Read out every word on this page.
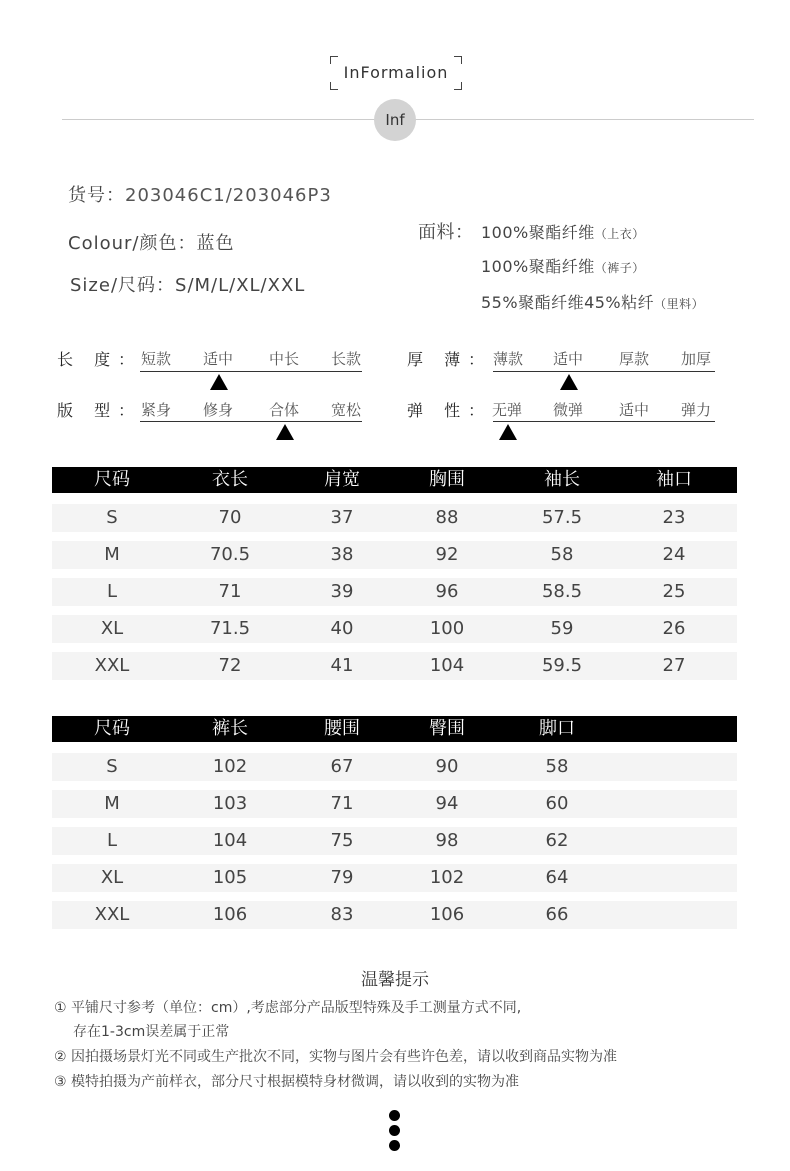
InFormalion
Inf
货号：203046C1/203046P3
Colour/颜色：蓝色
Size/尺码：S/M/L/XL/XXL
面料： 100%聚酯纤维（上衣）
100%聚酯纤维（裤子）
55%聚酯纤维45%粘纤（里料）
长 度：
短款 适中 中长 长款	厚 薄： 薄款 适中 厚款 加厚
版 型：
紧身 修身 合体 宽松	弹 性： 无弹 微弹 适中 弹力
尺码	衣长	肩宽	胸围	袖长	袖口
S	70	37	88	57.5	23
M	70.5	38	92	58	24
L	71	39	96	58.5	25
XL	71.5	40	100	59	26
XXL	72	41	104	59.5	27
尺码	裤长	腰围	臀围	脚口
S	102	67	90	58
M	103	71	94	60
L	104	75	98	62
XL	105	79	102	64
XXL	106	83	106	66
温馨提示
① 平铺尺寸参考（单位：cm）,考虑部分产品版型特殊及手工测量方式不同,
存在1-3cm误差属于正常
② 因拍摄场景灯光不同或生产批次不同，实物与图片会有些许色差，请以收到商品实物为准
③ 模特拍摄为产前样衣，部分尺寸根据模特身材微调，请以收到的实物为准
